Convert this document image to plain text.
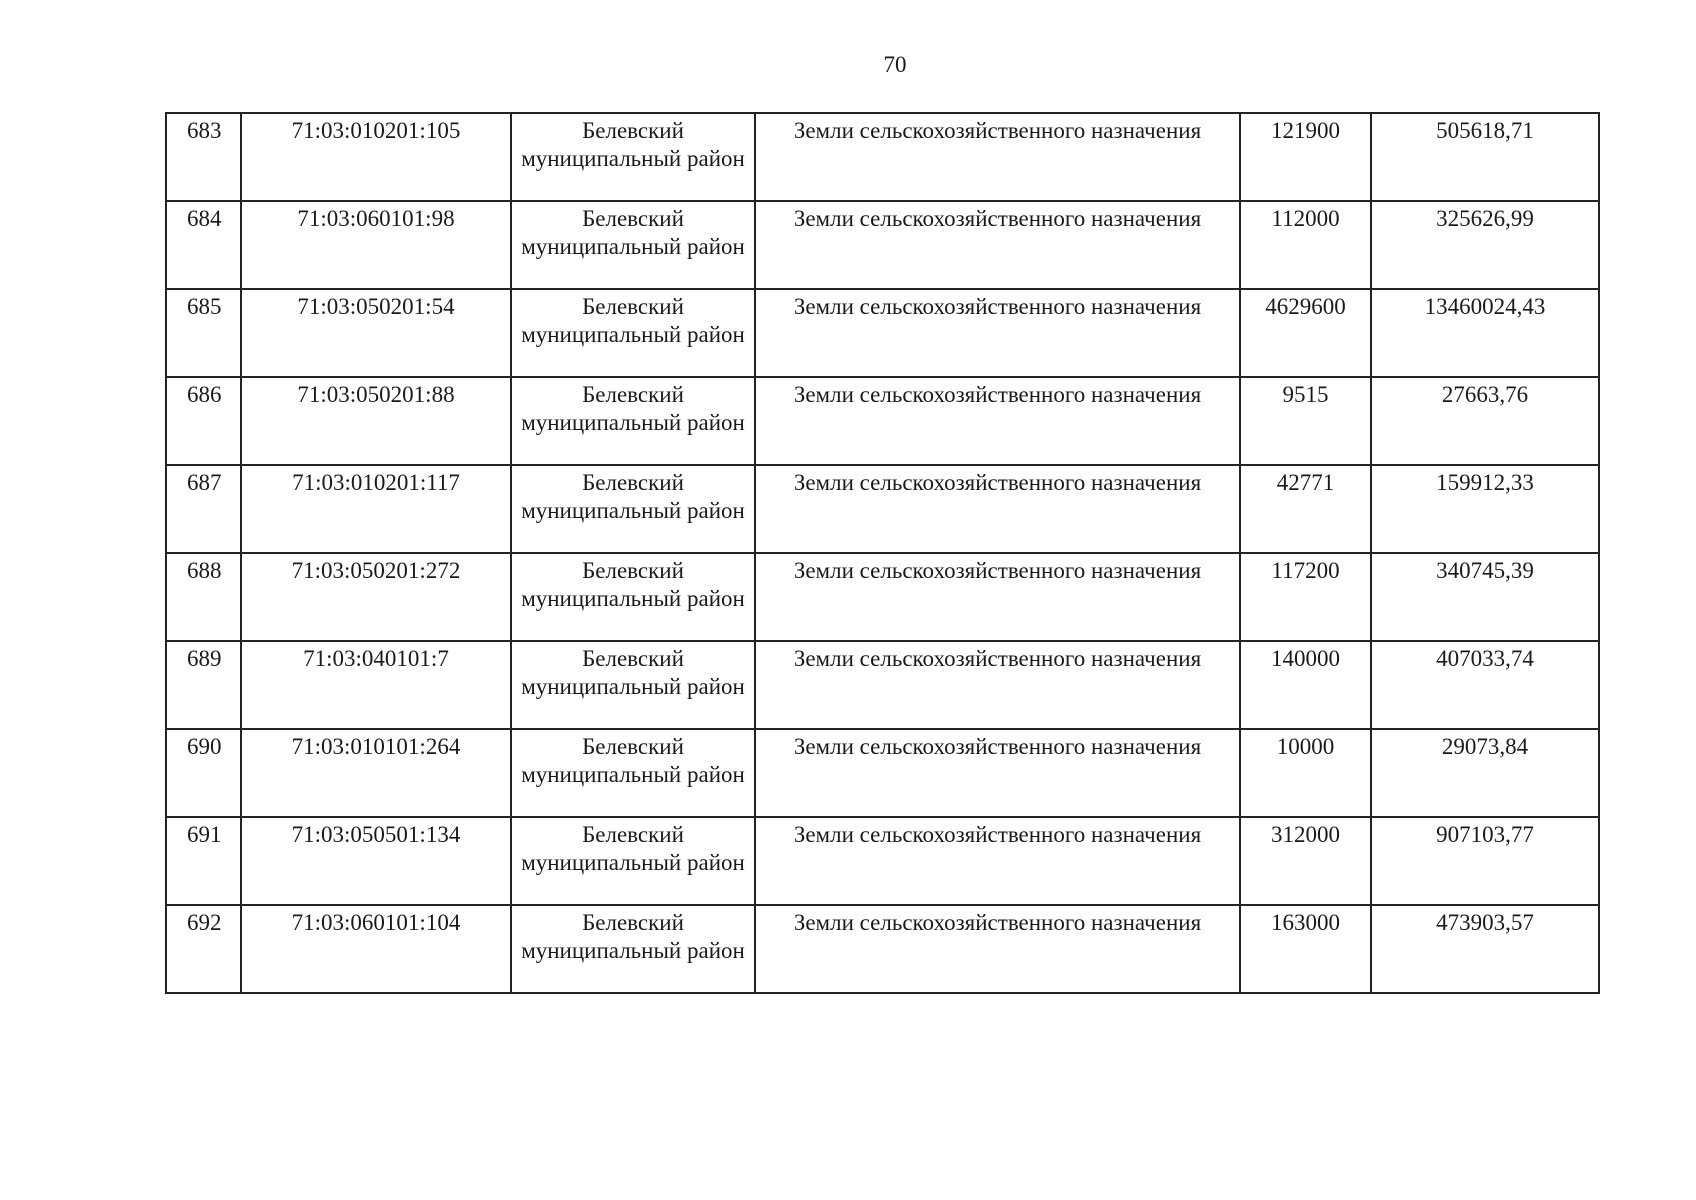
70
683	71:03:010201:105	Белевский муниципальный район	Земли сельскохозяйственного назначения	121900	505618,71

684	71:03:060101:98	Белевский муниципальный район	Земли сельскохозяйственного назначения	112000	325626,99

685	71:03:050201:54	Белевский муниципальный район	Земли сельскохозяйственного назначения	4629600	13460024,43

686	71:03:050201:88	Белевский муниципальный район	Земли сельскохозяйственного назначения	9515	27663,76

687	71:03:010201:117	Белевский муниципальный район	Земли сельскохозяйственного назначения	42771	159912,33

688	71:03:050201:272	Белевский муниципальный район	Земли сельскохозяйственного назначения	117200	340745,39

689	71:03:040101:7	Белевский муниципальный район	Земли сельскохозяйственного назначения	140000	407033,74

690	71:03:010101:264	Белевский муниципальный район	Земли сельскохозяйственного назначения	10000	29073,84

691	71:03:050501:134	Белевский муниципальный район	Земли сельскохозяйственного назначения	312000	907103,77

692	71:03:060101:104	Белевский муниципальный район	Земли сельскохозяйственного назначения	163000	473903,57
